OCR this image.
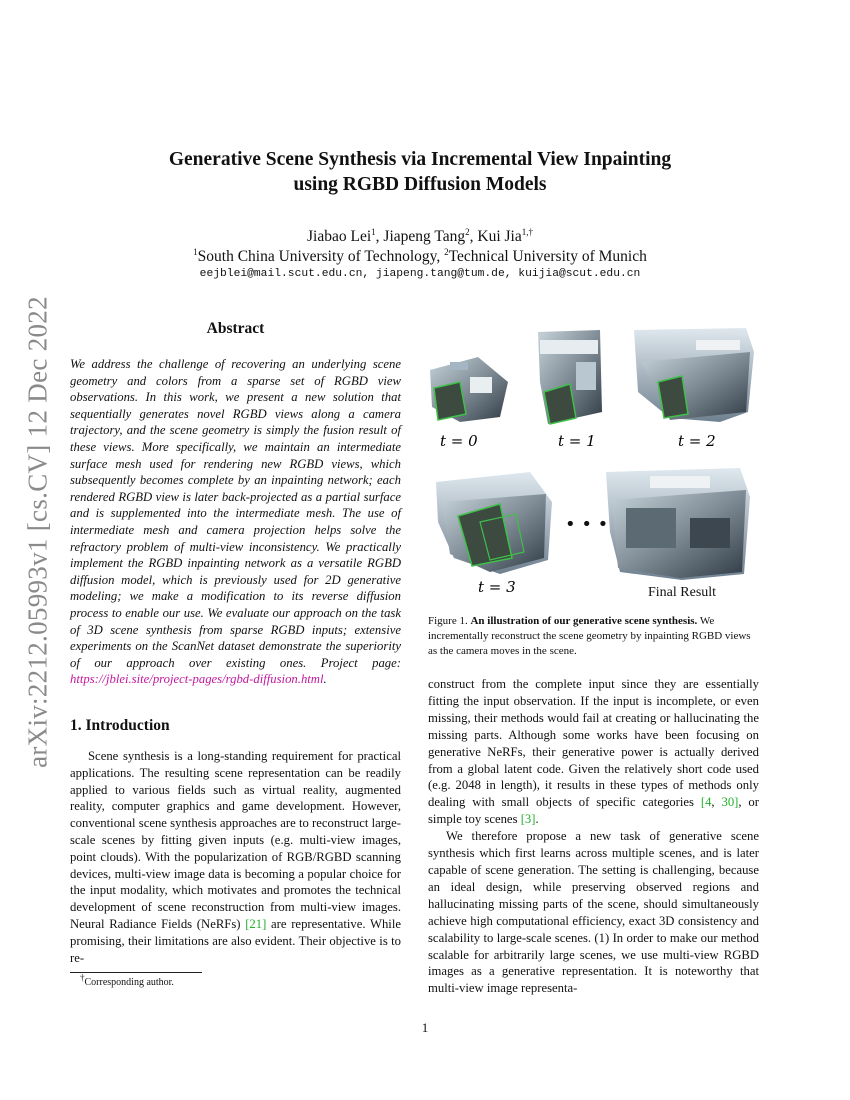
arXiv:2212.05993v1 [cs.CV] 12 Dec 2022
Generative Scene Synthesis via Incremental View Inpainting
using RGBD Diffusion Models
Jiabao Lei$^1$, Jiapeng Tang$^2$, Kui Jia$^{1,\dagger}$
$^1$South China University of Technology, $^2$Technical University of Munich
eejblei@mail.scut.edu.cn, jiapeng.tang@tum.de, kuijia@scut.edu.cn
Abstract
We address the challenge of recovering an underlying scene geometry and colors from a sparse set of RGBD view observations. In this work, we present a new solution that sequentially generates novel RGBD views along a camera trajectory, and the scene geometry is simply the fusion result of these views. More specifically, we maintain an intermediate surface mesh used for rendering new RGBD views, which subsequently becomes complete by an inpainting network; each rendered RGBD view is later back-projected as a partial surface and is supplemented into the intermediate mesh. The use of intermediate mesh and camera projection helps solve the refractory problem of multi-view inconsistency. We practically implement the RGBD inpainting network as a versatile RGBD diffusion model, which is previously used for 2D generative modeling; we make a modification to its reverse diffusion process to enable our use. We evaluate our approach on the task of 3D scene synthesis from sparse RGBD inputs; extensive experiments on the ScanNet dataset demonstrate the superiority of our approach over existing ones. Project page: https://jblei.site/project-pages/rgbd-diffusion.html.
1. Introduction
Scene synthesis is a long-standing requirement for practical applications. The resulting scene representation can be readily applied to various fields such as virtual reality, augmented reality, computer graphics and game development. However, conventional scene synthesis approaches are to reconstruct large-scale scenes by fitting given inputs (e.g. multi-view images, point clouds). With the popularization of RGB/RGBD scanning devices, multi-view image data is becoming a popular choice for the input modality, which motivates and promotes the technical development of scene reconstruction from multi-view images. Neural Radiance Fields (NeRFs) [21] are representative. While promising, their limitations are also evident. Their objective is to re-
†Corresponding author.
t = 0	t = 1	t = 2
• • •
t = 3	Final Result
Figure 1. An illustration of our generative scene synthesis. We incrementally reconstruct the scene geometry by inpainting RGBD views as the camera moves in the scene.

construct from the complete input since they are essentially fitting the input observation. If the input is incomplete, or even missing, their methods would fail at creating or hallucinating the missing parts. Although some works have been focusing on generative NeRFs, their generative power is actually derived from a global latent code. Given the relatively short code used (e.g. 2048 in length), it results in these types of methods only dealing with small objects of specific categories [4, 30], or simple toy scenes [3].

We therefore propose a new task of generative scene synthesis which first learns across multiple scenes, and is later capable of scene generation. The setting is challenging, because an ideal design, while preserving observed regions and hallucinating missing parts of the scene, should simultaneously achieve high computational efficiency, exact 3D consistency and scalability to large-scale scenes. (1) In order to make our method scalable for arbitrarily large scenes, we use multi-view RGBD images as a generative representation. It is noteworthy that multi-view image representa-

1
